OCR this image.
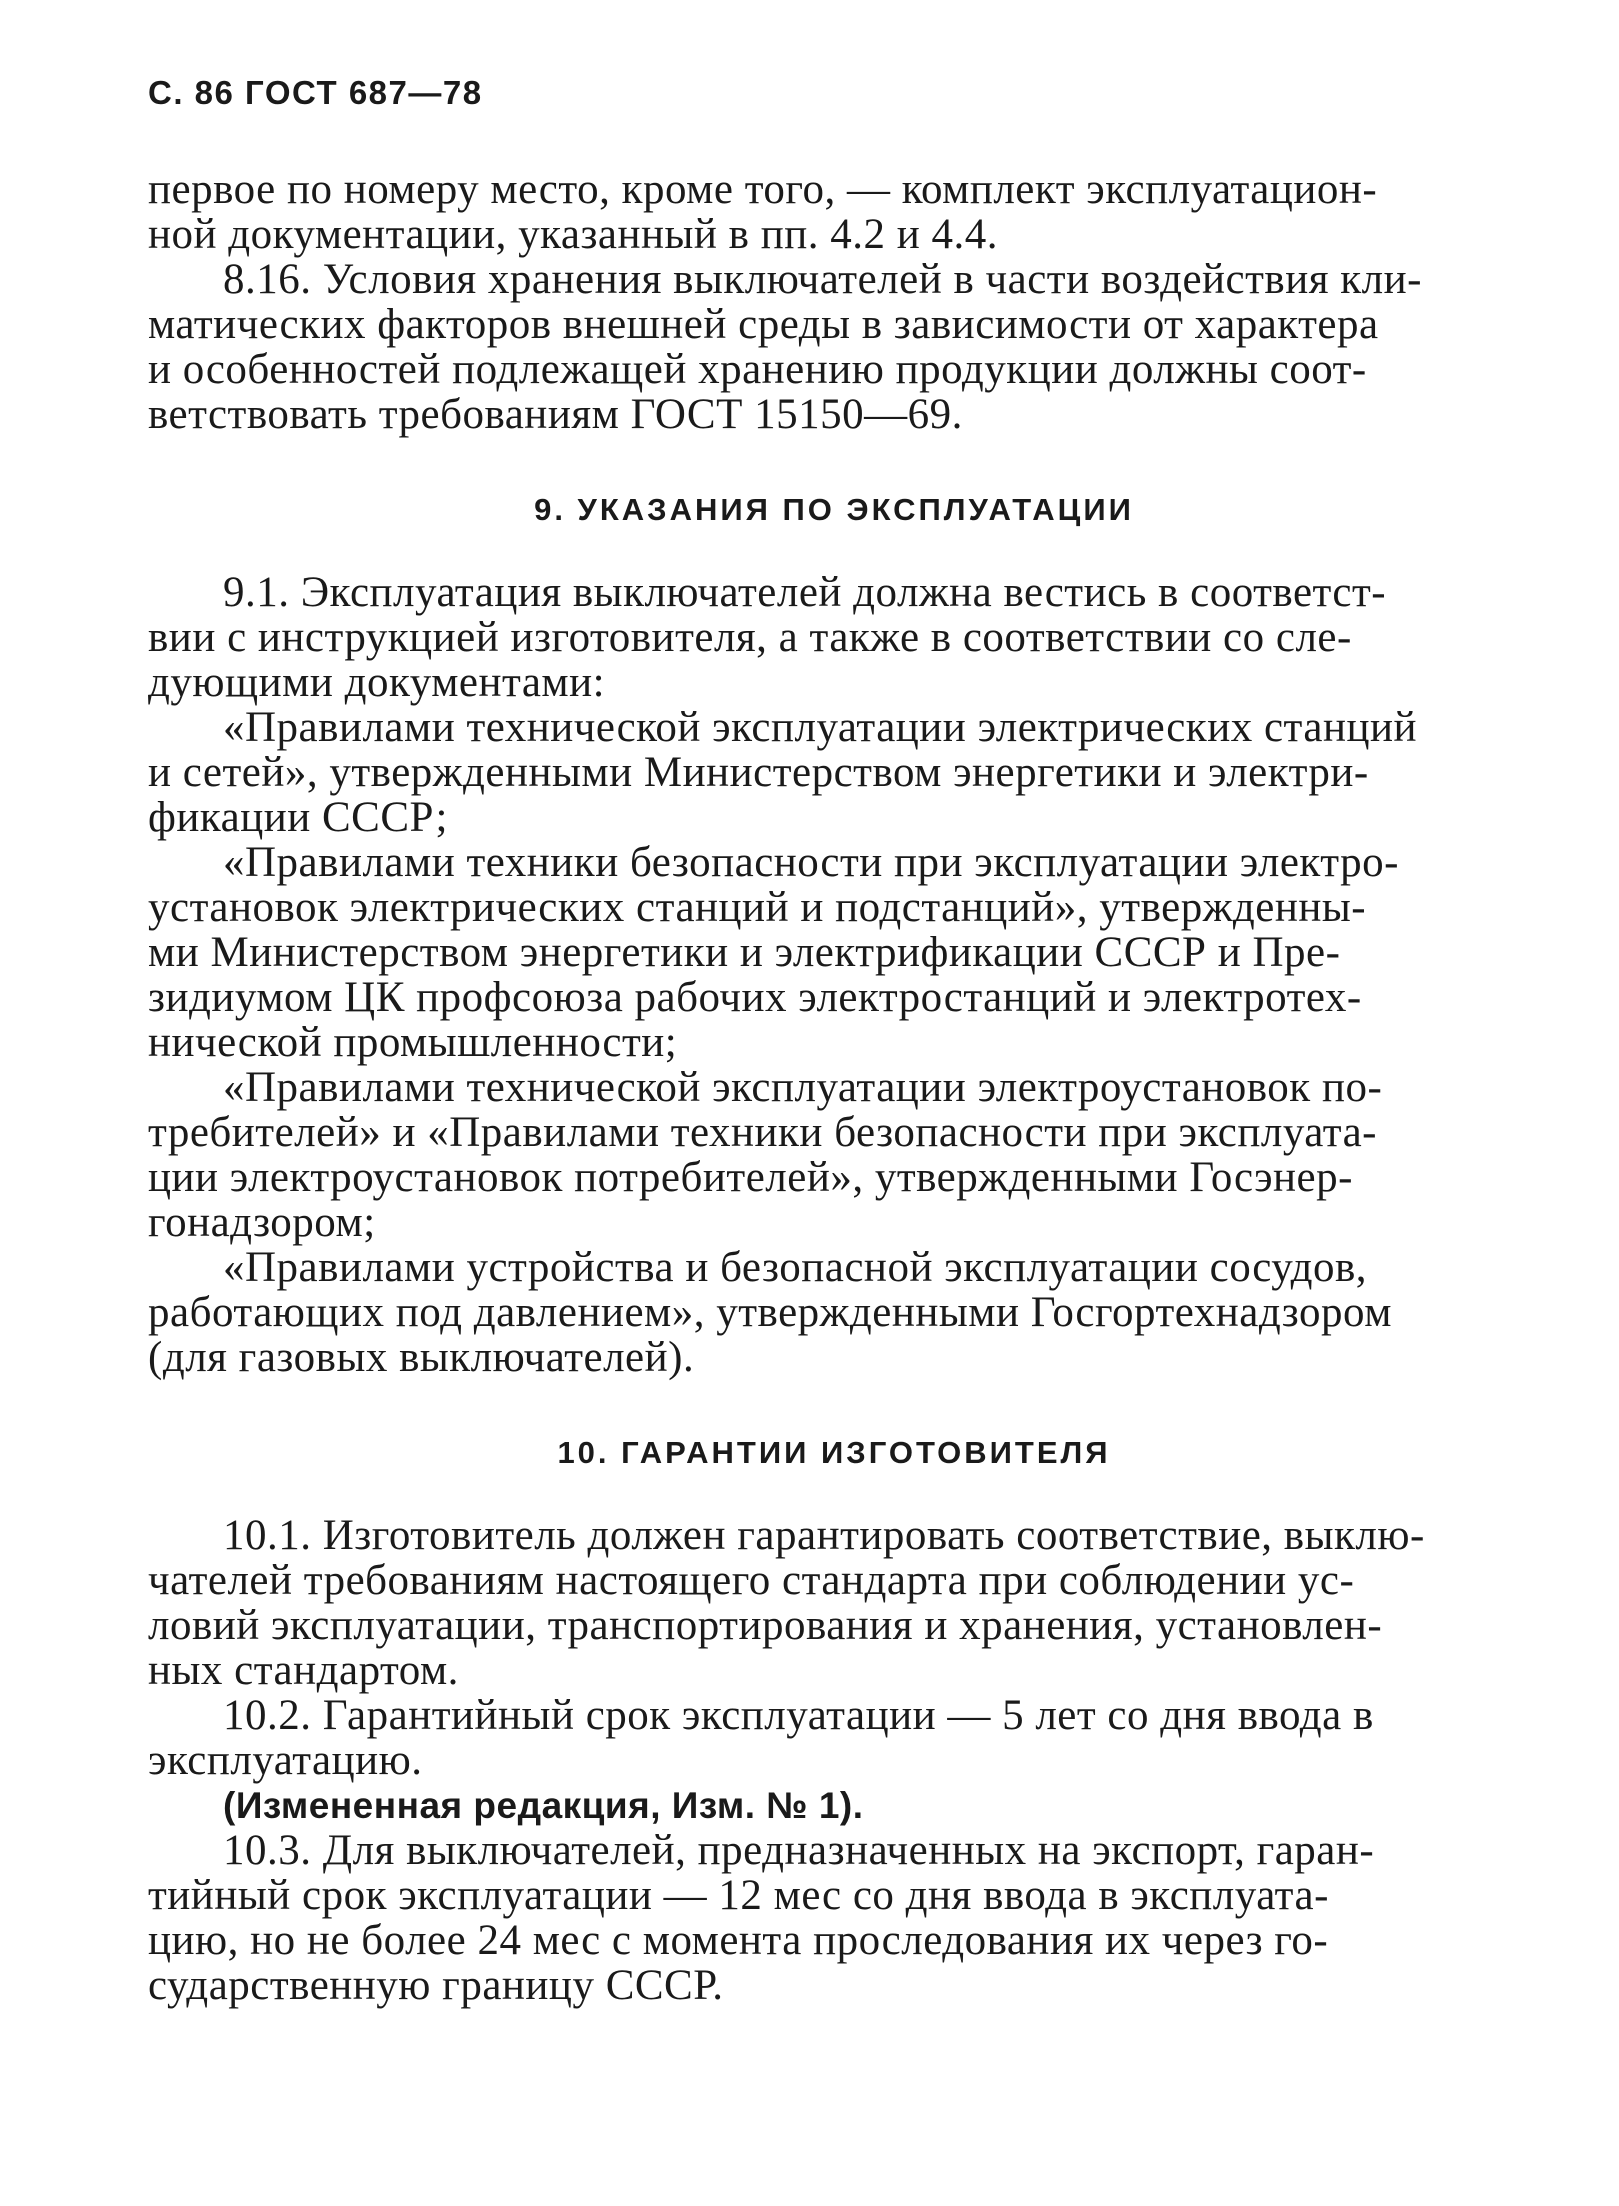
С. 86 ГОСТ 687—78

первое по номеру место, кроме того, — комплект эксплуатацион-
ной документации, указанный в пп. 4.2 и 4.4.

8.16. Условия хранения выключателей в части воздействия кли-
матических факторов внешней среды в зависимости от характера
и особенностей подлежащей хранению продукции должны соот-
ветствовать требованиям ГОСТ 15150—69.

9. УКАЗАНИЯ ПО ЭКСПЛУАТАЦИИ

9.1. Эксплуатация выключателей должна вестись в соответст-
вии с инструкцией изготовителя, а также в соответствии со сле-
дующими документами:

«Правилами технической эксплуатации электрических станций
и сетей», утвержденными Министерством энергетики и электри-
фикации СССР;

«Правилами техники безопасности при эксплуатации электро-
установок электрических станций и подстанций», утвержденны-
ми Министерством энергетики и электрификации СССР и Пре-
зидиумом ЦК профсоюза рабочих электростанций и электротех-
нической промышленности;

«Правилами технической эксплуатации электроустановок по-
требителей» и «Правилами техники безопасности при эксплуата-
ции электроустановок потребителей», утвержденными Госэнер-
гонадзором;

«Правилами устройства и безопасной эксплуатации сосудов,
работающих под давлением», утвержденными Госгортехнадзором
(для газовых выключателей).

10. ГАРАНТИИ ИЗГОТОВИТЕЛЯ

10.1. Изготовитель должен гарантировать соответствие, выклю-
чателей требованиям настоящего стандарта при соблюдении ус-
ловий эксплуатации, транспортирования и хранения, установлен-
ных стандартом.

10.2. Гарантийный срок эксплуатации — 5 лет со дня ввода в
эксплуатацию.

(Измененная редакция, Изм. № 1).

10.3. Для выключателей, предназначенных на экспорт, гаран-
тийный срок эксплуатации — 12 мес со дня ввода в эксплуата-
цию, но не более 24 мес с момента проследования их через го-
сударственную границу СССР.
